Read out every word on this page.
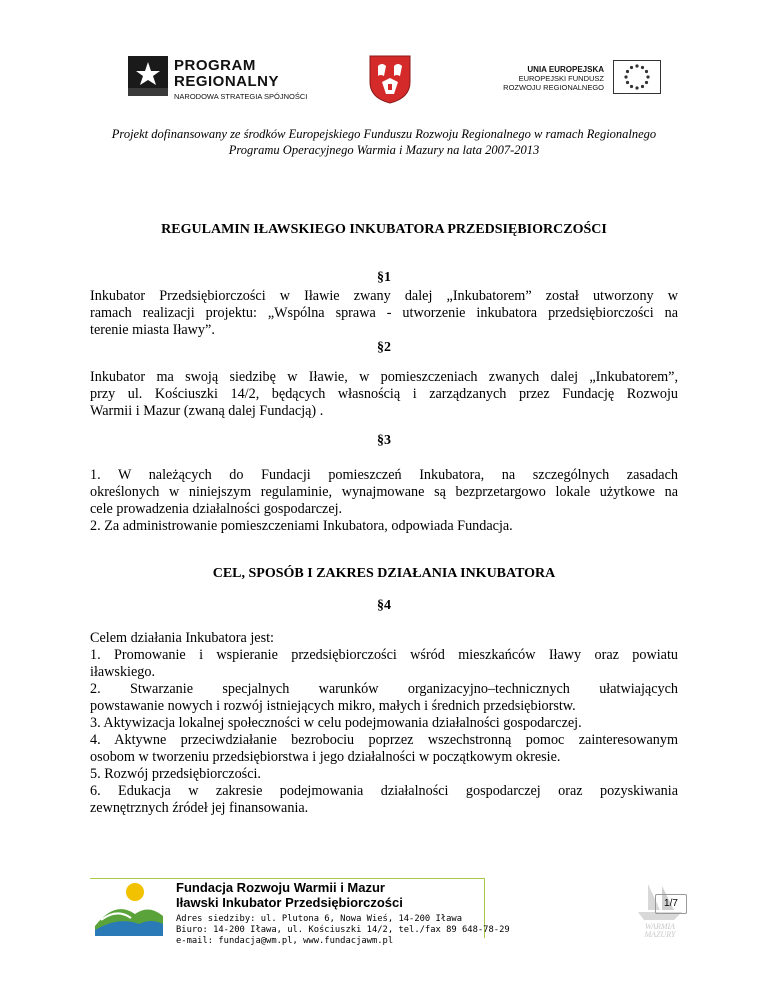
PROGRAM
REGIONALNY
NARODOWA STRATEGIA SPÓJNOŚCI
UNIA EUROPEJSKA
EUROPEJSKI FUNDUSZ
ROZWOJU REGIONALNEGO
Projekt dofinansowany ze środków Europejskiego Funduszu Rozwoju Regionalnego w ramach Regionalnego
Programu Operacyjnego Warmia i Mazury na lata 2007-2013
REGULAMIN IŁAWSKIEGO INKUBATORA PRZEDSIĘBIORCZOŚCI
§1
Inkubator Przedsiębiorczości w Iławie zwany dalej „Inkubatorem” został utworzony w
ramach realizacji projektu: „Wspólna sprawa - utworzenie inkubatora przedsiębiorczości na
terenie miasta Iławy”.
§2
Inkubator ma swoją siedzibę w Iławie, w pomieszczeniach zwanych dalej „Inkubatorem”,
przy ul. Kościuszki 14/2, będących własnością i zarządzanych przez Fundację Rozwoju
Warmii i Mazur (zwaną dalej Fundacją) .
§3
1. W należących do Fundacji pomieszczeń Inkubatora, na szczególnych zasadach
określonych w niniejszym regulaminie, wynajmowane są bezprzetargowo lokale użytkowe na
cele prowadzenia działalności gospodarczej.
2. Za administrowanie pomieszczeniami Inkubatora, odpowiada Fundacja.
CEL, SPOSÓB I ZAKRES DZIAŁANIA INKUBATORA
§4
Celem działania Inkubatora jest:
1. Promowanie i wspieranie przedsiębiorczości wśród mieszkańców Iławy oraz powiatu
iławskiego.
2. Stwarzanie specjalnych warunków organizacyjno–technicznych ułatwiających
powstawanie nowych i rozwój istniejących mikro, małych i średnich przedsiębiorstw.
3. Aktywizacja lokalnej społeczności w celu podejmowania działalności gospodarczej.
4. Aktywne przeciwdziałanie bezrobociu poprzez wszechstronną pomoc zainteresowanym
osobom w tworzeniu przedsiębiorstwa i jego działalności w początkowym okresie.
5. Rozwój przedsiębiorczości.
6. Edukacja w zakresie podejmowania działalności gospodarczej oraz pozyskiwania
zewnętrznych źródeł jej finansowania.
Fundacja Rozwoju Warmii i Mazur
Iławski Inkubator Przedsiębiorczości
Adres siedziby: ul. Plutona 6, Nowa Wieś, 14-200 Iława
Biuro: 14-200 Iława, ul. Kościuszki 14/2, tel./fax 89 648-78-29
e-mail: fundacja@wm.pl, www.fundacjawm.pl
WARMIA
MAZURY
1/7
